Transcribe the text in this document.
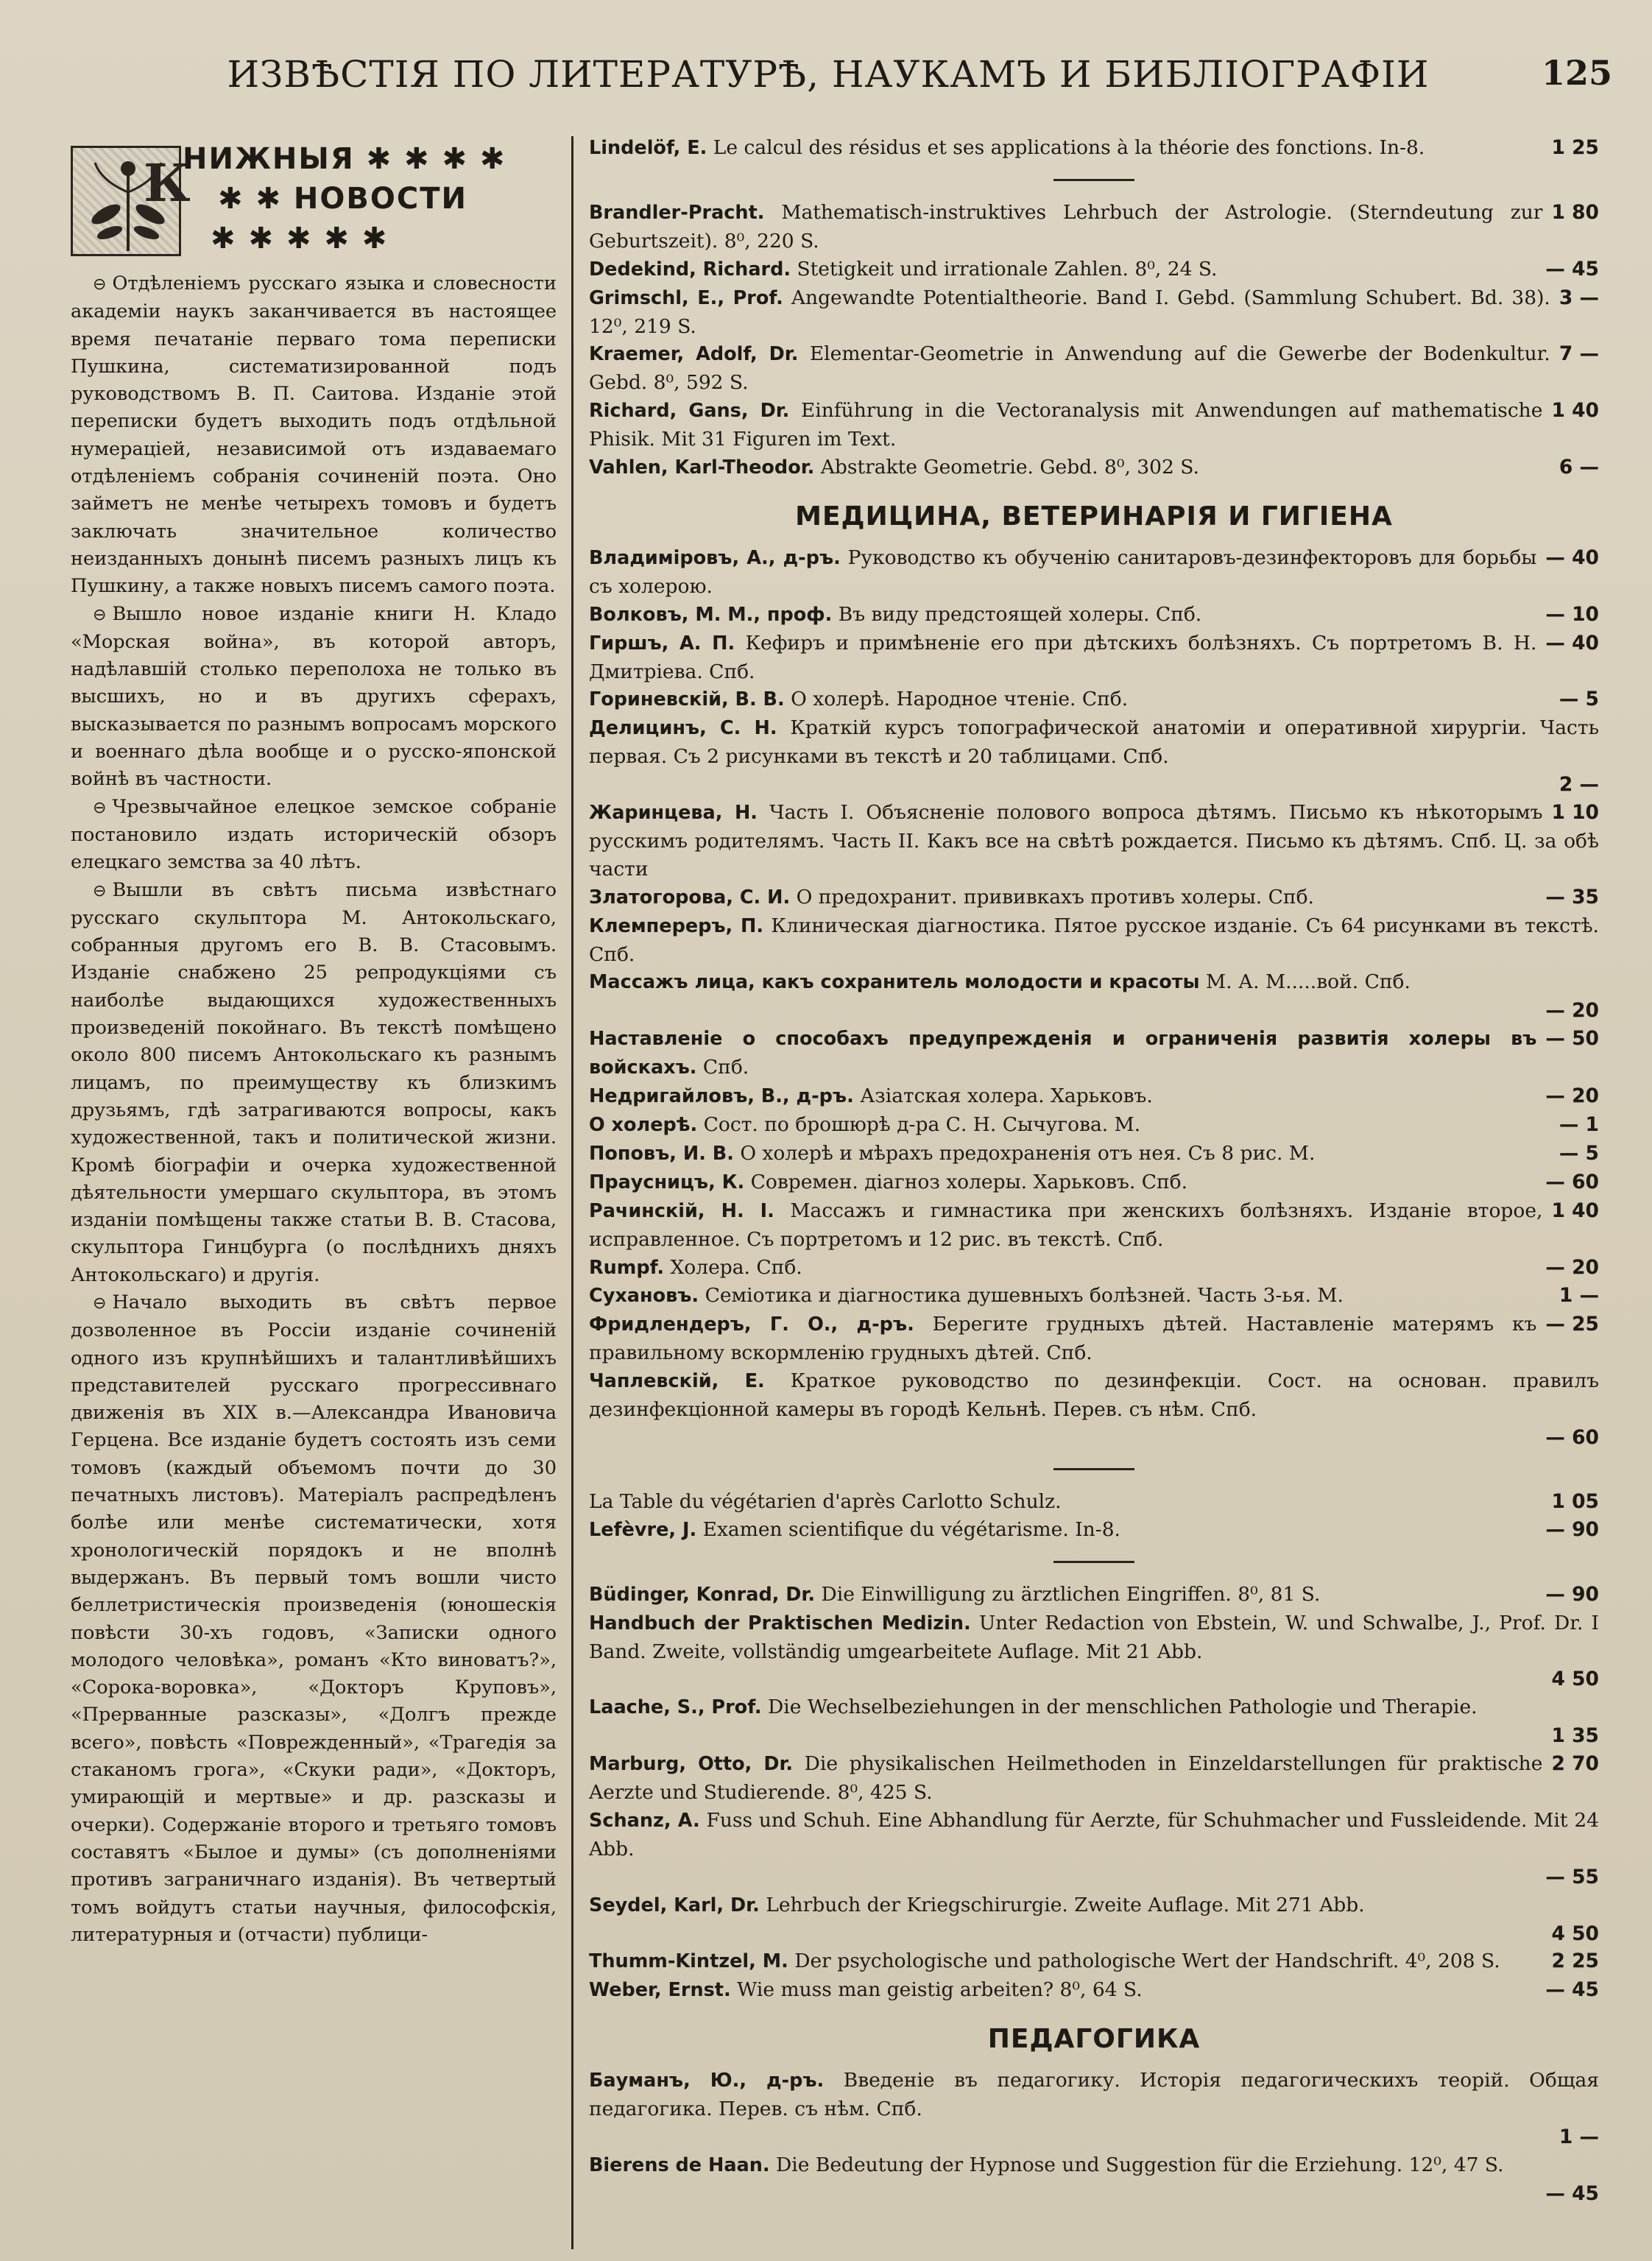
ИЗВѢСТІЯ ПО ЛИТЕРАТУРѢ, НАУКАМЪ И БИБЛІОГРАФІИ	125
К
НИЖНЫЯ ✱ ✱ ✱ ✱
✱ ✱ НОВОСТИ
✱ ✱ ✱ ✱ ✱

⊖ Отдѣленіемъ русскаго языка и словесности академіи наукъ заканчивается въ настоящее время печатаніе перваго тома переписки Пушкина, систематизированной подъ руководствомъ В. П. Саитова. Изданіе этой переписки будетъ выходить подъ отдѣльной нумераціей, независимой отъ издаваемаго отдѣленіемъ собранія сочиненій поэта. Оно займетъ не менѣе четырехъ томовъ и будетъ заключать значительное количество неизданныхъ донынѣ писемъ разныхъ лицъ къ Пушкину, а также новыхъ писемъ самого поэта.

⊖ Вышло новое изданіе книги Н. Кладо «Морская война», въ которой авторъ, надѣлавшій столько переполоха не только въ высшихъ, но и въ другихъ сферахъ, высказывается по разнымъ вопросамъ морского и военнаго дѣла вообще и о русско-японской войнѣ въ частности.

⊖ Чрезвычайное елецкое земское собраніе постановило издать историческій обзоръ елецкаго земства за 40 лѣтъ.

⊖ Вышли въ свѣтъ письма извѣстнаго русскаго скульптора М. Антокольскаго, собранныя другомъ его В. В. Стасовымъ. Изданіе снабжено 25 репродукціями съ наиболѣе выдающихся художественныхъ произведеній покойнаго. Въ текстѣ помѣщено около 800 писемъ Антокольскаго къ разнымъ лицамъ, по преимуществу къ близкимъ друзьямъ, гдѣ затрагиваются вопросы, какъ художественной, такъ и политической жизни. Кромѣ біографіи и очерка художественной дѣятельности умершаго скульптора, въ этомъ изданіи помѣщены также статьи В. В. Стасова, скульптора Гинцбурга (о послѣднихъ дняхъ Антокольскаго) и другія.

⊖ Начало выходить въ свѣтъ первое дозволенное въ Россіи изданіе сочиненій одного изъ крупнѣйшихъ и талантливѣйшихъ представителей русскаго прогрессивнаго движенія въ XIX в.—Александра Ивановича Герцена. Все изданіе будетъ состоять изъ семи томовъ (каждый объемомъ почти до 30 печатныхъ листовъ). Матеріалъ распредѣленъ болѣе или менѣе систематически, хотя хронологическій порядокъ и не вполнѣ выдержанъ. Въ первый томъ вошли чисто беллетристическія произведенія (юношескія повѣсти 30-хъ годовъ, «Записки одного молодого человѣка», романъ «Кто виноватъ?», «Сорока-воровка», «Докторъ Круповъ», «Прерванные разсказы», «Долгъ прежде всего», повѣсть «Поврежденный», «Трагедія за стаканомъ грога», «Скуки ради», «Докторъ, умирающій и мертвые» и др. разсказы и очерки). Содержаніе второго и третьяго томовъ составятъ «Былое и думы» (съ дополненіями противъ заграничнаго изданія). Въ четвертый томъ войдутъ статьи научныя, философскія, литературныя и (отчасти) публици-

1 25
Lindelöf, E. Le calcul des résidus et ses applications à la théorie des fonctions. In-8.
1 80
Brandler-Pracht. Mathematisch-instruktives Lehrbuch der Astrologie. (Sterndeutung zur Geburtszeit). 8⁰, 220 S.
— 45
Dedekind, Richard. Stetigkeit und irrationale Zahlen. 8⁰, 24 S.
3 —
Grimschl, E., Prof. Angewandte Potentialtheorie. Band I. Gebd. (Sammlung Schubert. Bd. 38). 12⁰, 219 S.
7 —
Kraemer, Adolf, Dr. Elementar-Geometrie in Anwendung auf die Gewerbe der Bodenkultur. Gebd. 8⁰, 592 S.
1 40
Richard, Gans, Dr. Einführung in die Vectoranalysis mit Anwendungen auf mathematische Phisik. Mit 31 Figuren im Text.
6 —
Vahlen, Karl-Theodor. Abstrakte Geometrie. Gebd. 8⁰, 302 S.
МЕДИЦИНА, ВЕТЕРИНАРІЯ И ГИГІЕНА
— 40
Владиміровъ, А., д-ръ. Руководство къ обученію санитаровъ-дезинфекторовъ для борьбы съ холерою.
— 10
Волковъ, М. М., проф. Въ виду предстоящей холеры. Спб.
— 40
Гиршъ, А. П. Кефиръ и примѣненіе его при дѣтскихъ болѣзняхъ. Съ портретомъ В. Н. Дмитріева. Спб.
— 5
Гориневскій, В. В. О холерѣ. Народное чтеніе. Спб.
Делицинъ, С. Н. Краткій курсъ топографической анатоміи и оперативной хирургіи. Часть первая. Съ 2 рисунками въ текстѣ и 20 таблицами. Спб.
2 —
1 10
Жаринцева, Н. Часть I. Объясненіе полового вопроса дѣтямъ. Письмо къ нѣкоторымъ русскимъ родителямъ. Часть II. Какъ все на свѣтѣ рождается. Письмо къ дѣтямъ. Спб. Ц. за обѣ части
— 35
Златогорова, С. И. О предохранит. прививкахъ противъ холеры. Спб.
Клемпереръ, П. Клиническая діагностика. Пятое русское изданіе. Съ 64 рисунками въ текстѣ. Спб.
Массажъ лица, какъ сохранитель молодости и красоты М. А. М.....вой. Спб.
— 20
— 50
Наставленіе о способахъ предупрежденія и ограниченія развитія холеры въ войскахъ. Спб.
— 20
Недригайловъ, В., д-ръ. Азіатская холера. Харьковъ.
— 1
О холерѣ. Сост. по брошюрѣ д-ра С. Н. Сычугова. М.
— 5
Поповъ, И. В. О холерѣ и мѣрахъ предохраненія отъ нея. Съ 8 рис. М.
— 60
Праусницъ, К. Современ. діагноз холеры. Харьковъ. Спб.
1 40
Рачинскій, Н. І. Массажъ и гимнастика при женскихъ болѣзняхъ. Изданіе второе, исправленное. Съ портретомъ и 12 рис. въ текстѣ. Спб.
— 20
Rumpf. Холера. Спб.
1 —
Сухановъ. Семіотика и діагностика душевныхъ болѣзней. Часть 3-ья. М.
— 25
Фридлендеръ, Г. О., д-ръ. Берегите грудныхъ дѣтей. Наставленіе матерямъ къ правильному вскормленію грудныхъ дѣтей. Спб.
Чаплевскій, Е. Краткое руководство по дезинфекціи. Сост. на основан. правилъ дезинфекціонной камеры въ городѣ Кельнѣ. Перев. съ нѣм. Спб.
— 60
1 05
La Table du végétarien d'après Carlotto Schulz.
— 90
Lefèvre, J. Examen scientifique du végétarisme. In-8.
— 90
Büdinger, Konrad, Dr. Die Einwilligung zu ärztlichen Eingriffen. 8⁰, 81 S.
Handbuch der Praktischen Medizin. Unter Redaction von Ebstein, W. und Schwalbe, J., Prof. Dr. I Band. Zweite, vollständig umgearbeitete Auflage. Mit 21 Abb.
4 50
Laache, S., Prof. Die Wechselbeziehungen in der menschlichen Pathologie und Therapie.
1 35
2 70
Marburg, Otto, Dr. Die physikalischen Heilmethoden in Einzeldarstellungen für praktische Aerzte und Studierende. 8⁰, 425 S.
Schanz, A. Fuss und Schuh. Eine Abhandlung für Aerzte, für Schuhmacher und Fussleidende. Mit 24 Abb.
— 55
Seydel, Karl, Dr. Lehrbuch der Kriegschirurgie. Zweite Auflage. Mit 271 Abb.
4 50
2 25
Thumm-Kintzel, M. Der psychologische und pathologische Wert der Handschrift. 4⁰, 208 S.
— 45
Weber, Ernst. Wie muss man geistig arbeiten? 8⁰, 64 S.
ПЕДАГОГИКА
Бауманъ, Ю., д-ръ. Введеніе въ педагогику. Исторія педагогическихъ теорій. Общая педагогика. Перев. съ нѣм. Спб.
1 —
Bierens de Haan. Die Bedeutung der Hypnose und Suggestion für die Erziehung. 12⁰, 47 S.
— 45
